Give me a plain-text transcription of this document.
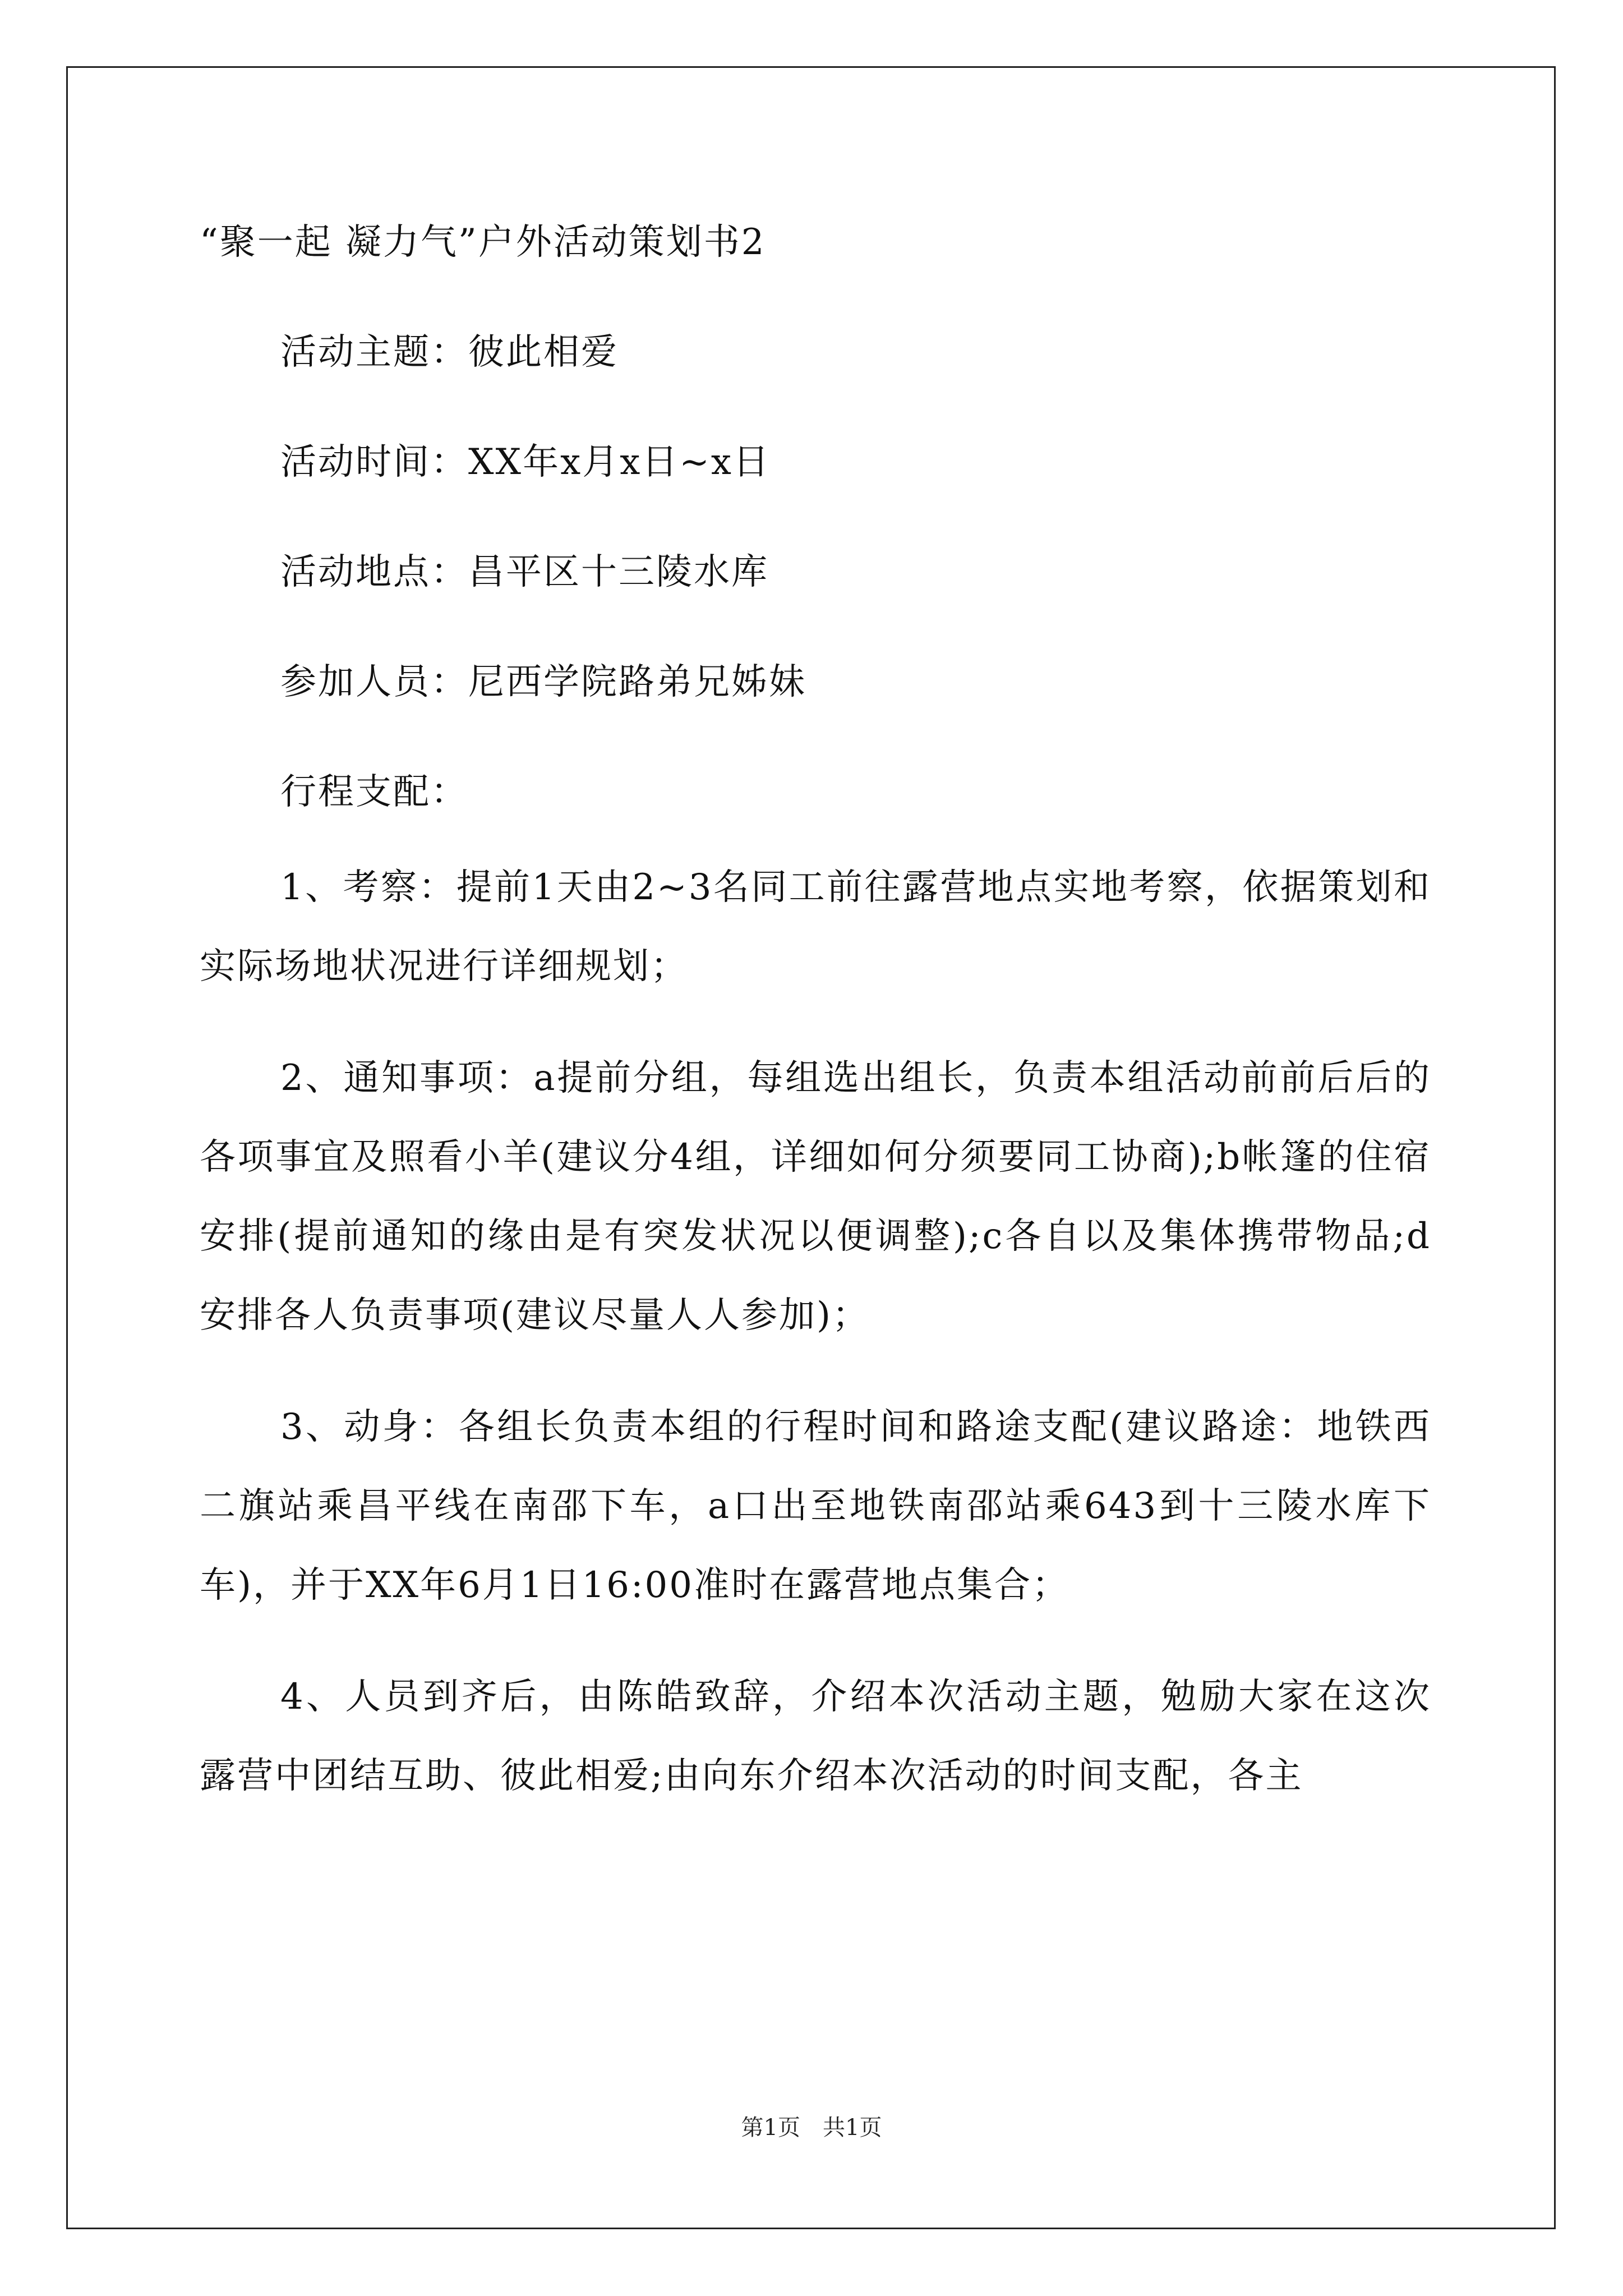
“聚一起 凝力气”户外活动策划书2
活动主题：彼此相爱
活动时间：XX年x月x日~x日
活动地点：昌平区十三陵水库
参加人员：尼西学院路弟兄姊妹
行程支配：

1、考察：提前1天由2~3名同工前往露营地点实地考察，依据策划和实际场地状况进行详细规划；

2、通知事项：a提前分组，每组选出组长，负责本组活动前前后后的各项事宜及照看小羊(建议分4组，详细如何分须要同工协商);b帐篷的住宿安排(提前通知的缘由是有突发状况以便调整);c各自以及集体携带物品;d安排各人负责事项(建议尽量人人参加)；

3、动身：各组长负责本组的行程时间和路途支配(建议路途：地铁西二旗站乘昌平线在南邵下车，a口出至地铁南邵站乘643到十三陵水库下车)，并于XX年6月1日16:00准时在露营地点集合；

4、人员到齐后，由陈皓致辞，介绍本次活动主题，勉励大家在这次露营中团结互助、彼此相爱;由向东介绍本次活动的时间支配，各主

第1页　共1页
